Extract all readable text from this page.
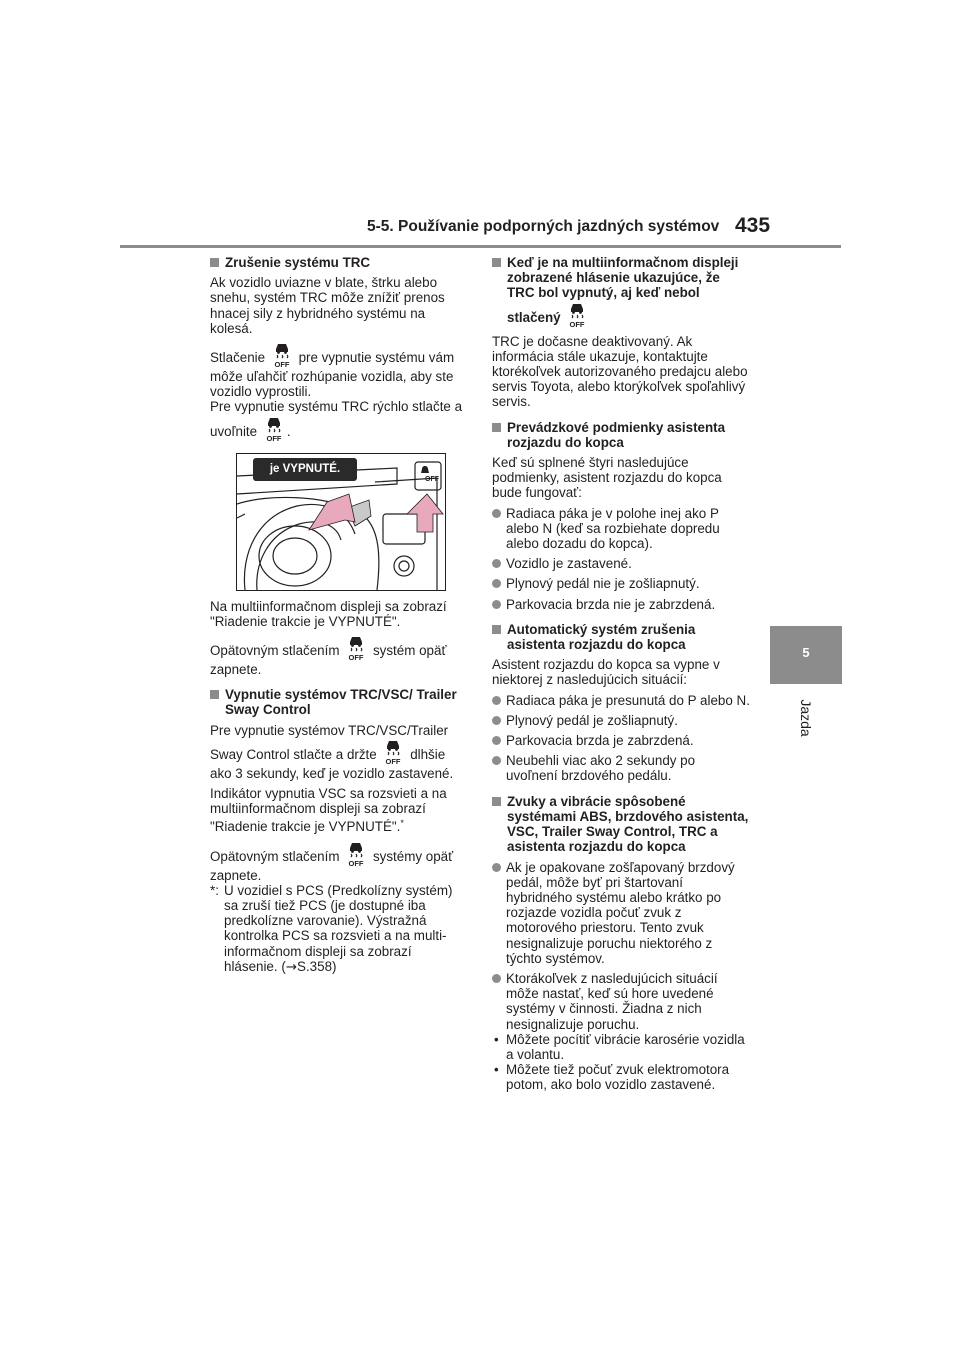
5-5. Používanie podporných jazdných systémov 435
5
Jazda
Zrušenie systému TRC

Ak vozidlo uviazne v blate, štrku alebo snehu, systém TRC môže znížiť prenos hnacej sily z hybridného systému na kolesá.

Stlačenie OFF pre vypnutie systému vám môže uľahčiť rozhúpanie vozidla, aby ste vozidlo vyprostili.
Pre vypnutie systému TRC rýchlo stlačte a uvoľnite OFF .

je VYPNUTÉ.
OFF

Na multiinformačnom displeji sa zobrazí "Riadenie trakcie je VYPNUTÉ".

Opätovným stlačením OFF systém opäť zapnete.

Vypnutie systémov TRC/VSC/ Trailer Sway Control

Pre vypnutie systémov TRC/VSC/Trailer Sway Control stlačte a držte OFF dlhšie ako 3 sekundy, keď je vozidlo zastavené.

Indikátor vypnutia VSC sa rozsvieti a na multiinformačnom displeji sa zobrazí "Riadenie trakcie je VYPNUTÉ".*

Opätovným stlačením OFF systémy opäť zapnete.

*: U vozidiel s PCS (Predkolízny systém) sa zruší tiež PCS (je dostupné iba predkolízne varovanie). Výstražná kontrolka PCS sa rozsvieti a na multi-informačnom displeji sa zobrazí hlásenie. (→S.358)
Keď je na multiinformačnom displeji zobrazené hlásenie ukazujúce, že TRC bol vypnutý, aj keď nebol stlačený OFF

TRC je dočasne deaktivovaný. Ak informácia stále ukazuje, kontaktujte ktorékoľvek autorizovaného predajcu alebo servis Toyota, alebo ktorýkoľvek spoľahlivý servis.

Prevádzkové podmienky asistenta rozjazdu do kopca

Keď sú splnené štyri nasledujúce podmienky, asistent rozjazdu do kopca bude fungovať:

Radiaca páka je v polohe inej ako P alebo N (keď sa rozbiehate dopredu alebo dozadu do kopca).
Vozidlo je zastavené.
Plynový pedál nie je zošliapnutý.
Parkovacia brzda nie je zabrzdená.
Automatický systém zrušenia asistenta rozjazdu do kopca

Asistent rozjazdu do kopca sa vypne v niektorej z nasledujúcich situácií:

Radiaca páka je presunutá do P alebo N.
Plynový pedál je zošliapnutý.
Parkovacia brzda je zabrzdená.
Neubehli viac ako 2 sekundy po uvoľnení brzdového pedálu.
Zvuky a vibrácie spôsobené systémami ABS, brzdového asistenta, VSC, Trailer Sway Control, TRC a asistenta rozjazdu do kopca
Ak je opakovane zošľapovaný brzdový pedál, môže byť pri štartovaní hybridného systému alebo krátko po rozjazde vozidla počuť zvuk z motorového priestoru. Tento zvuk nesignalizuje poruchu niektorého z týchto systémov.
Ktorákoľvek z nasledujúcich situácií môže nastať, keď sú hore uvedené systémy v činnosti. Žiadna z nich nesignalizuje poruchu.
• Môžete pocítiť vibrácie karosérie vozidla a volantu.
• Môžete tiež počuť zvuk elektromotora potom, ako bolo vozidlo zastavené.
